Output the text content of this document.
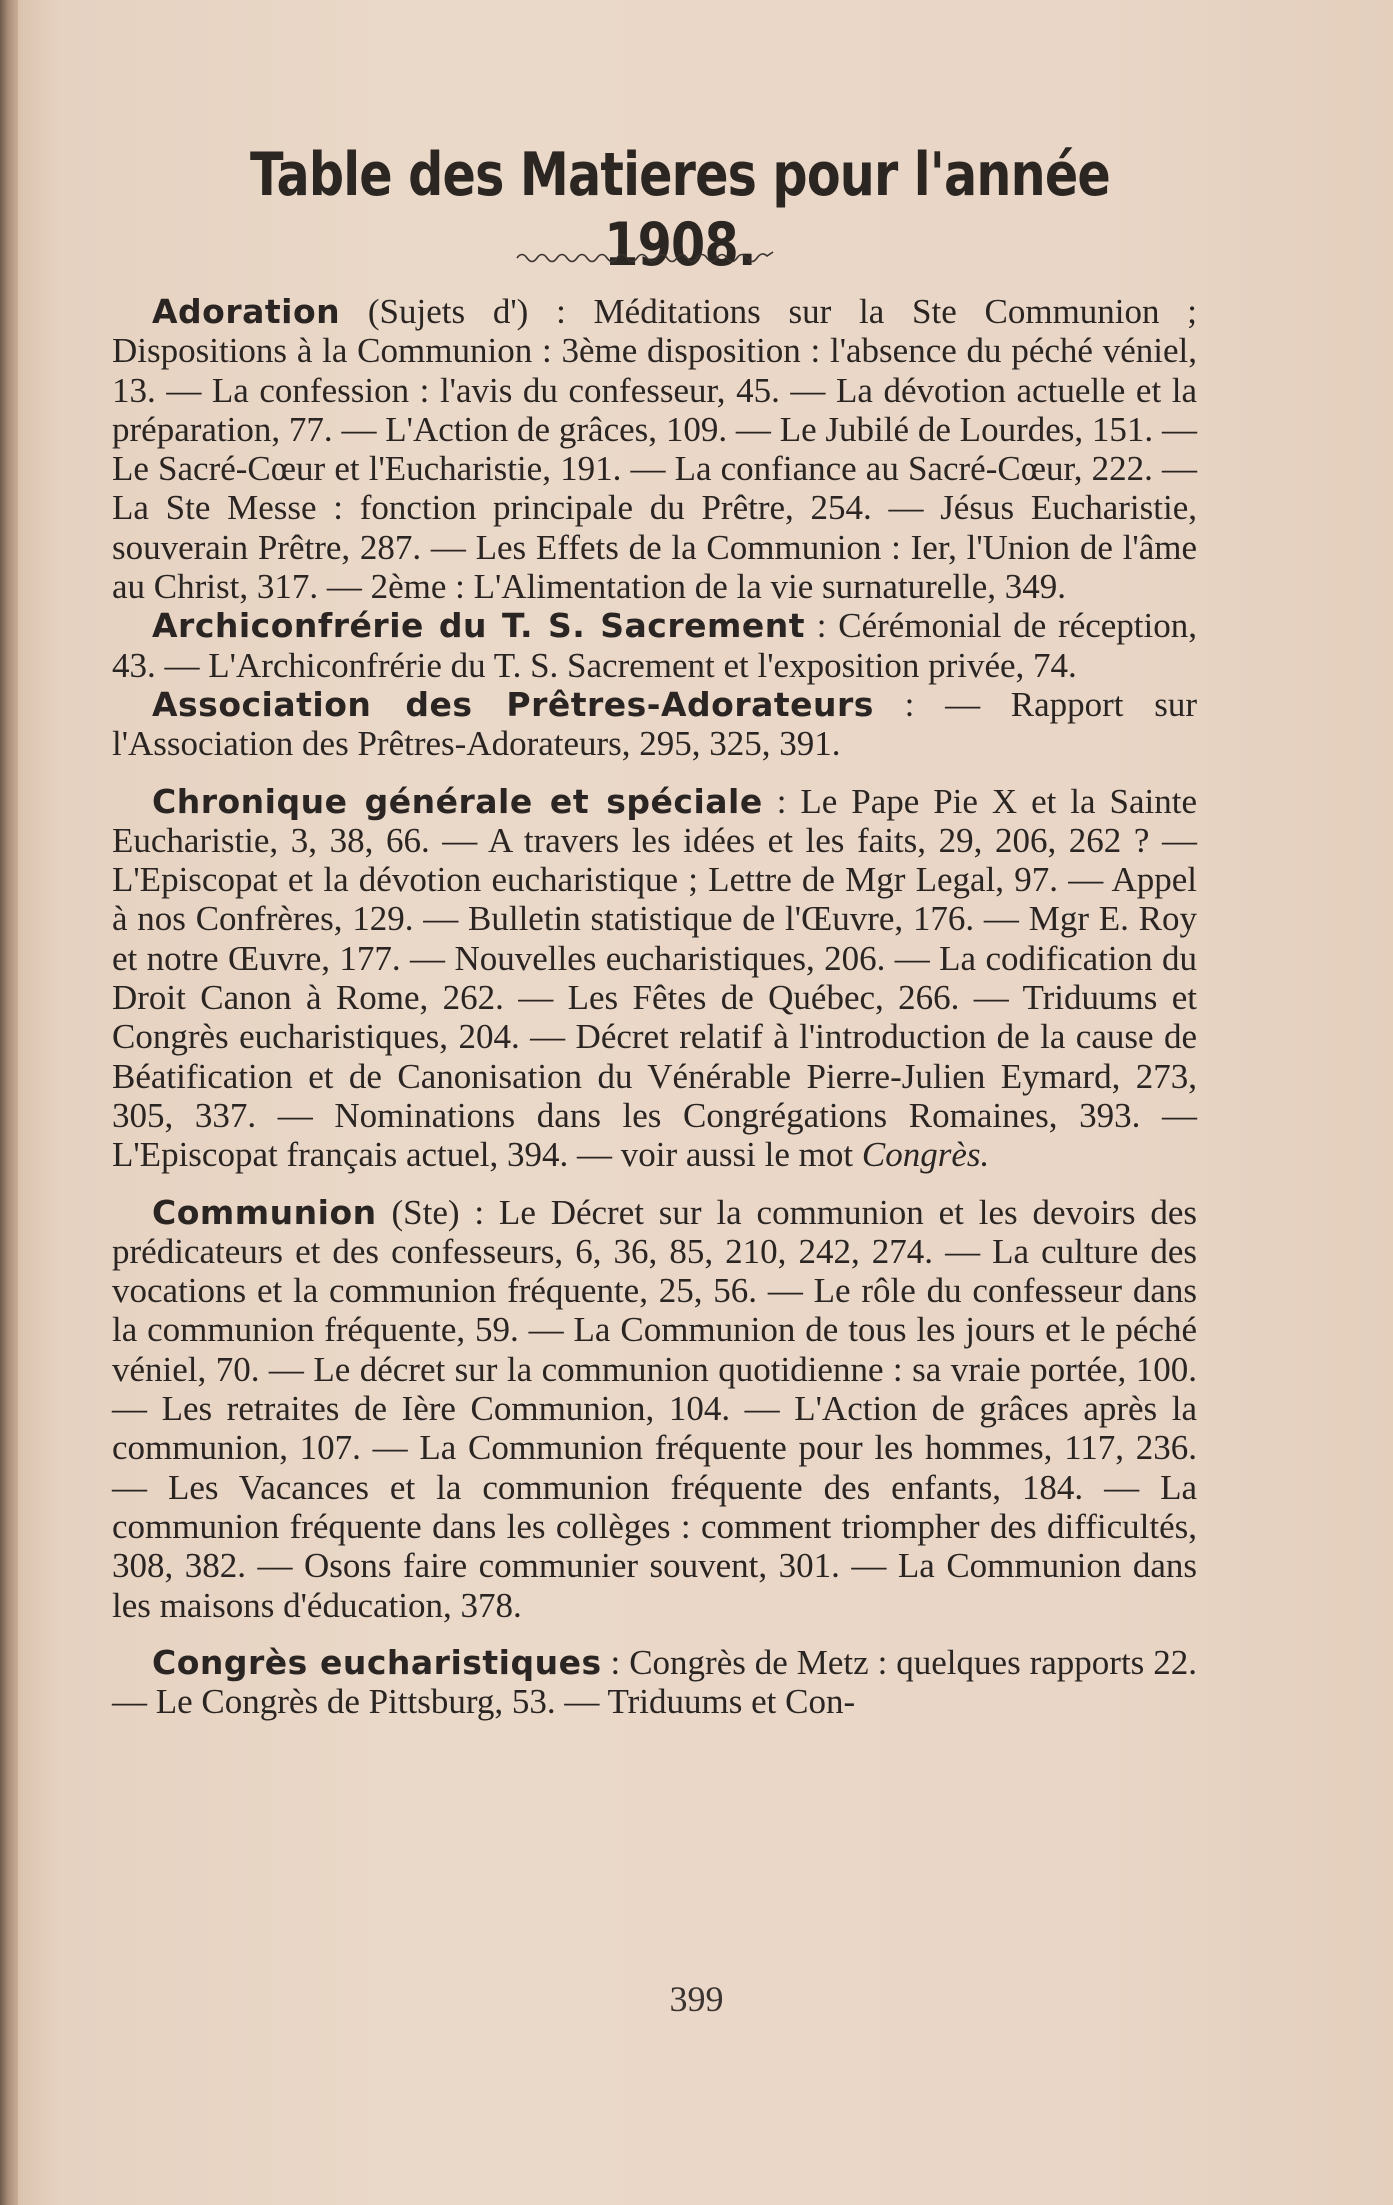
Table des Matieres pour l'année 1908.

Adoration (Sujets d') : Méditations sur la Ste Communion ; Dispositions à la Communion : 3ème disposition : l'absence du péché véniel, 13. — La confession : l'avis du confesseur, 45. — La dévotion actuelle et la préparation, 77. — L'Action de grâces, 109. — Le Jubilé de Lourdes, 151. — Le Sacré-Cœur et l'Eucharistie, 191. — La confiance au Sacré-Cœur, 222. — La Ste Messe : fonction principale du Prêtre, 254. — Jésus Eucharistie, souverain Prêtre, 287. — Les Effets de la Communion : Ier, l'Union de l'âme au Christ, 317. — 2ème : L'Alimentation de la vie surnaturelle, 349.

Archiconfrérie du T. S. Sacrement : Cérémonial de réception, 43. — L'Archiconfrérie du T. S. Sacrement et l'exposition privée, 74.

Association des Prêtres-Adorateurs : — Rapport sur l'Association des Prêtres-Adorateurs, 295, 325, 391.

Chronique générale et spéciale : Le Pape Pie X et la Sainte Eucharistie, 3, 38, 66. — A travers les idées et les faits, 29, 206, 262 ? — L'Episcopat et la dévotion eucharistique ; Lettre de Mgr Legal, 97. — Appel à nos Confrères, 129. — Bulletin statistique de l'Œuvre, 176. — Mgr E. Roy et notre Œuvre, 177. — Nouvelles eucharistiques, 206. — La codification du Droit Canon à Rome, 262. — Les Fêtes de Québec, 266. — Triduums et Congrès eucharistiques, 204. — Décret relatif à l'introduction de la cause de Béatification et de Canonisation du Vénérable Pierre-Julien Eymard, 273, 305, 337. — Nominations dans les Congrégations Romaines, 393. — L'Episcopat français actuel, 394. — voir aussi le mot Congrès.

Communion (Ste) : Le Décret sur la communion et les devoirs des prédicateurs et des confesseurs, 6, 36, 85, 210, 242, 274. — La culture des vocations et la communion fréquente, 25, 56. — Le rôle du confesseur dans la communion fréquente, 59. — La Communion de tous les jours et le péché véniel, 70. — Le décret sur la communion quotidienne : sa vraie portée, 100. — Les retraites de Ière Communion, 104. — L'Action de grâces après la communion, 107. — La Communion fréquente pour les hommes, 117, 236. — Les Vacances et la communion fréquente des enfants, 184. — La communion fréquente dans les collèges : comment triompher des difficultés, 308, 382. — Osons faire communier souvent, 301. — La Communion dans les maisons d'éducation, 378.

Congrès eucharistiques : Congrès de Metz : quelques rapports 22. — Le Congrès de Pittsburg, 53. — Triduums et Con-

399
